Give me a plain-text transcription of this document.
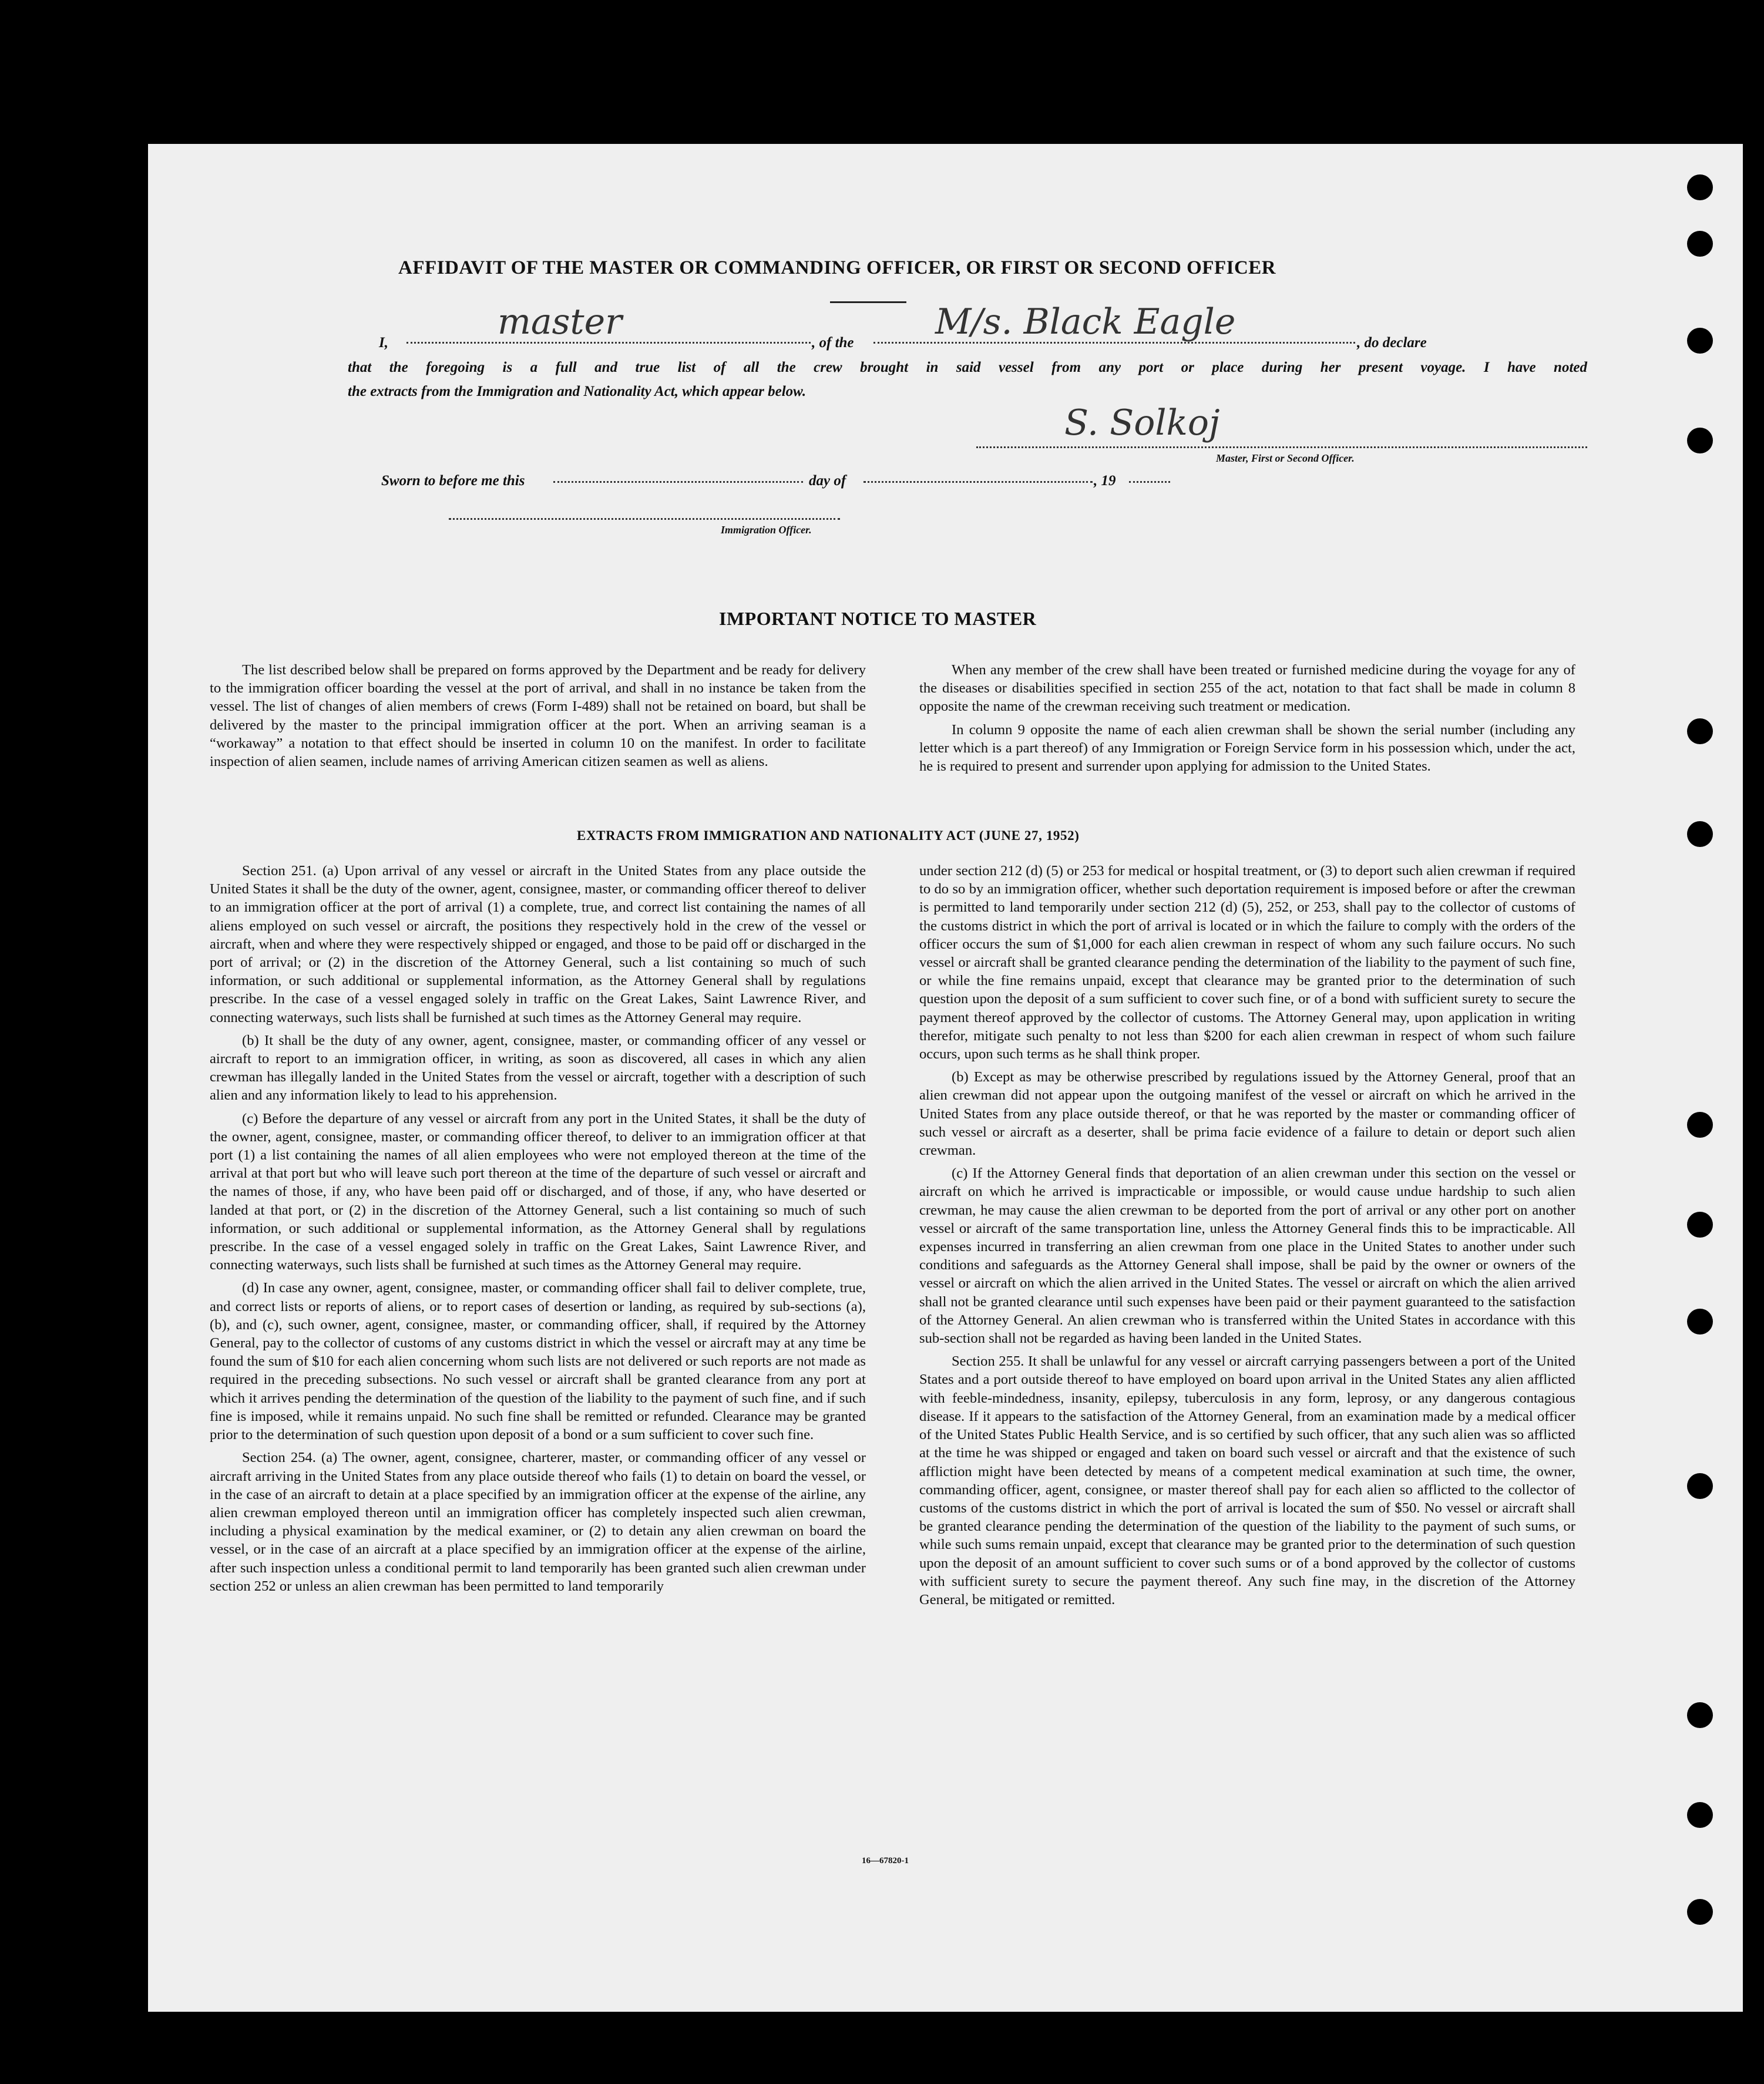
AFFIDAVIT OF THE MASTER OR COMMANDING OFFICER, OR FIRST OR SECOND OFFICER
I,
master
, of the
M/s. Black Eagle
, do declare
that the foregoing is a full and true list of all the crew brought in said vessel from any port or place during her present voyage. I have noted
the extracts from the Immigration and Nationality Act, which appear below.
S. Solkoj
Master, First or Second Officer.
Sworn to before me this	day of	, 19
Immigration Officer.
IMPORTANT NOTICE TO MASTER

The list described below shall be prepared on forms approved by the Department and be ready for delivery to the immigration officer boarding the vessel at the port of arrival, and shall in no instance be taken from the vessel. The list of changes of alien members of crews (Form I-489) shall not be retained on board, but shall be delivered by the master to the principal immigration officer at the port. When an arriving seaman is a “workaway” a notation to that effect should be inserted in column 10 on the manifest. In order to facilitate inspection of alien seamen, include names of arriving American citizen seamen as well as aliens.

When any member of the crew shall have been treated or furnished medicine during the voyage for any of the diseases or disabilities specified in section 255 of the act, notation to that fact shall be made in column 8 opposite the name of the crewman receiving such treatment or medication.

In column 9 opposite the name of each alien crewman shall be shown the serial number (including any letter which is a part thereof) of any Immigration or Foreign Service form in his possession which, under the act, he is required to present and surrender upon applying for admission to the United States.

EXTRACTS FROM IMMIGRATION AND NATIONALITY ACT (JUNE 27, 1952)

Section 251. (a) Upon arrival of any vessel or aircraft in the United States from any place outside the United States it shall be the duty of the owner, agent, consignee, master, or commanding officer thereof to deliver to an immigration officer at the port of arrival (1) a complete, true, and correct list containing the names of all aliens employed on such vessel or aircraft, the positions they respectively hold in the crew of the vessel or aircraft, when and where they were respectively shipped or engaged, and those to be paid off or discharged in the port of arrival; or (2) in the discretion of the Attorney General, such a list containing so much of such information, or such additional or supplemental information, as the Attorney General shall by regulations prescribe. In the case of a vessel engaged solely in traffic on the Great Lakes, Saint Lawrence River, and connecting waterways, such lists shall be furnished at such times as the Attorney General may require.

(b) It shall be the duty of any owner, agent, consignee, master, or commanding officer of any vessel or aircraft to report to an immigration officer, in writing, as soon as discovered, all cases in which any alien crewman has illegally landed in the United States from the vessel or aircraft, together with a description of such alien and any information likely to lead to his apprehension.

(c) Before the departure of any vessel or aircraft from any port in the United States, it shall be the duty of the owner, agent, consignee, master, or commanding officer thereof, to deliver to an immigration officer at that port (1) a list containing the names of all alien employees who were not employed thereon at the time of the arrival at that port but who will leave such port thereon at the time of the departure of such vessel or aircraft and the names of those, if any, who have been paid off or discharged, and of those, if any, who have deserted or landed at that port, or (2) in the discretion of the Attorney General, such a list containing so much of such information, or such additional or supplemental information, as the Attorney General shall by regulations prescribe. In the case of a vessel engaged solely in traffic on the Great Lakes, Saint Lawrence River, and connecting waterways, such lists shall be furnished at such times as the Attorney General may require.

(d) In case any owner, agent, consignee, master, or commanding officer shall fail to deliver complete, true, and correct lists or reports of aliens, or to report cases of desertion or landing, as required by sub-sections (a), (b), and (c), such owner, agent, consignee, master, or commanding officer, shall, if required by the Attorney General, pay to the collector of customs of any customs district in which the vessel or aircraft may at any time be found the sum of $10 for each alien concerning whom such lists are not delivered or such reports are not made as required in the preceding subsections. No such vessel or aircraft shall be granted clearance from any port at which it arrives pending the determination of the question of the liability to the payment of such fine, and if such fine is imposed, while it remains unpaid. No such fine shall be remitted or refunded. Clearance may be granted prior to the determination of such question upon deposit of a bond or a sum sufficient to cover such fine.

Section 254. (a) The owner, agent, consignee, charterer, master, or commanding officer of any vessel or aircraft arriving in the United States from any place outside thereof who fails (1) to detain on board the vessel, or in the case of an aircraft to detain at a place specified by an immigration officer at the expense of the airline, any alien crewman employed thereon until an immigration officer has completely inspected such alien crewman, including a physical examination by the medical examiner, or (2) to detain any alien crewman on board the vessel, or in the case of an aircraft at a place specified by an immigration officer at the expense of the airline, after such inspection unless a conditional permit to land temporarily has been granted such alien crewman under section 252 or unless an alien crewman has been permitted to land temporarily

under section 212 (d) (5) or 253 for medical or hospital treatment, or (3) to deport such alien crewman if required to do so by an immigration officer, whether such deportation requirement is imposed before or after the crewman is permitted to land temporarily under section 212 (d) (5), 252, or 253, shall pay to the collector of customs of the customs district in which the port of arrival is located or in which the failure to comply with the orders of the officer occurs the sum of $1,000 for each alien crewman in respect of whom any such failure occurs. No such vessel or aircraft shall be granted clearance pending the determination of the liability to the payment of such fine, or while the fine remains unpaid, except that clearance may be granted prior to the determination of such question upon the deposit of a sum sufficient to cover such fine, or of a bond with sufficient surety to secure the payment thereof approved by the collector of customs. The Attorney General may, upon application in writing therefor, mitigate such penalty to not less than $200 for each alien crewman in respect of whom such failure occurs, upon such terms as he shall think proper.

(b) Except as may be otherwise prescribed by regulations issued by the Attorney General, proof that an alien crewman did not appear upon the outgoing manifest of the vessel or aircraft on which he arrived in the United States from any place outside thereof, or that he was reported by the master or commanding officer of such vessel or aircraft as a deserter, shall be prima facie evidence of a failure to detain or deport such alien crewman.

(c) If the Attorney General finds that deportation of an alien crewman under this section on the vessel or aircraft on which he arrived is impracticable or impossible, or would cause undue hardship to such alien crewman, he may cause the alien crewman to be deported from the port of arrival or any other port on another vessel or aircraft of the same transportation line, unless the Attorney General finds this to be impracticable. All expenses incurred in transferring an alien crewman from one place in the United States to another under such conditions and safeguards as the Attorney General shall impose, shall be paid by the owner or owners of the vessel or aircraft on which the alien arrived in the United States. The vessel or aircraft on which the alien arrived shall not be granted clearance until such expenses have been paid or their payment guaranteed to the satisfaction of the Attorney General. An alien crewman who is transferred within the United States in accordance with this sub-section shall not be regarded as having been landed in the United States.

Section 255. It shall be unlawful for any vessel or aircraft carrying passengers between a port of the United States and a port outside thereof to have employed on board upon arrival in the United States any alien afflicted with feeble-mindedness, insanity, epilepsy, tuberculosis in any form, leprosy, or any dangerous contagious disease. If it appears to the satisfaction of the Attorney General, from an examination made by a medical officer of the United States Public Health Service, and is so certified by such officer, that any such alien was so afflicted at the time he was shipped or engaged and taken on board such vessel or aircraft and that the existence of such affliction might have been detected by means of a competent medical examination at such time, the owner, commanding officer, agent, consignee, or master thereof shall pay for each alien so afflicted to the collector of customs of the customs district in which the port of arrival is located the sum of $50. No vessel or aircraft shall be granted clearance pending the determination of the question of the liability to the payment of such sums, or while such sums remain unpaid, except that clearance may be granted prior to the determination of such question upon the deposit of an amount sufficient to cover such sums or of a bond approved by the collector of customs with sufficient surety to secure the payment thereof. Any such fine may, in the discretion of the Attorney General, be mitigated or remitted.

16—67820-1
